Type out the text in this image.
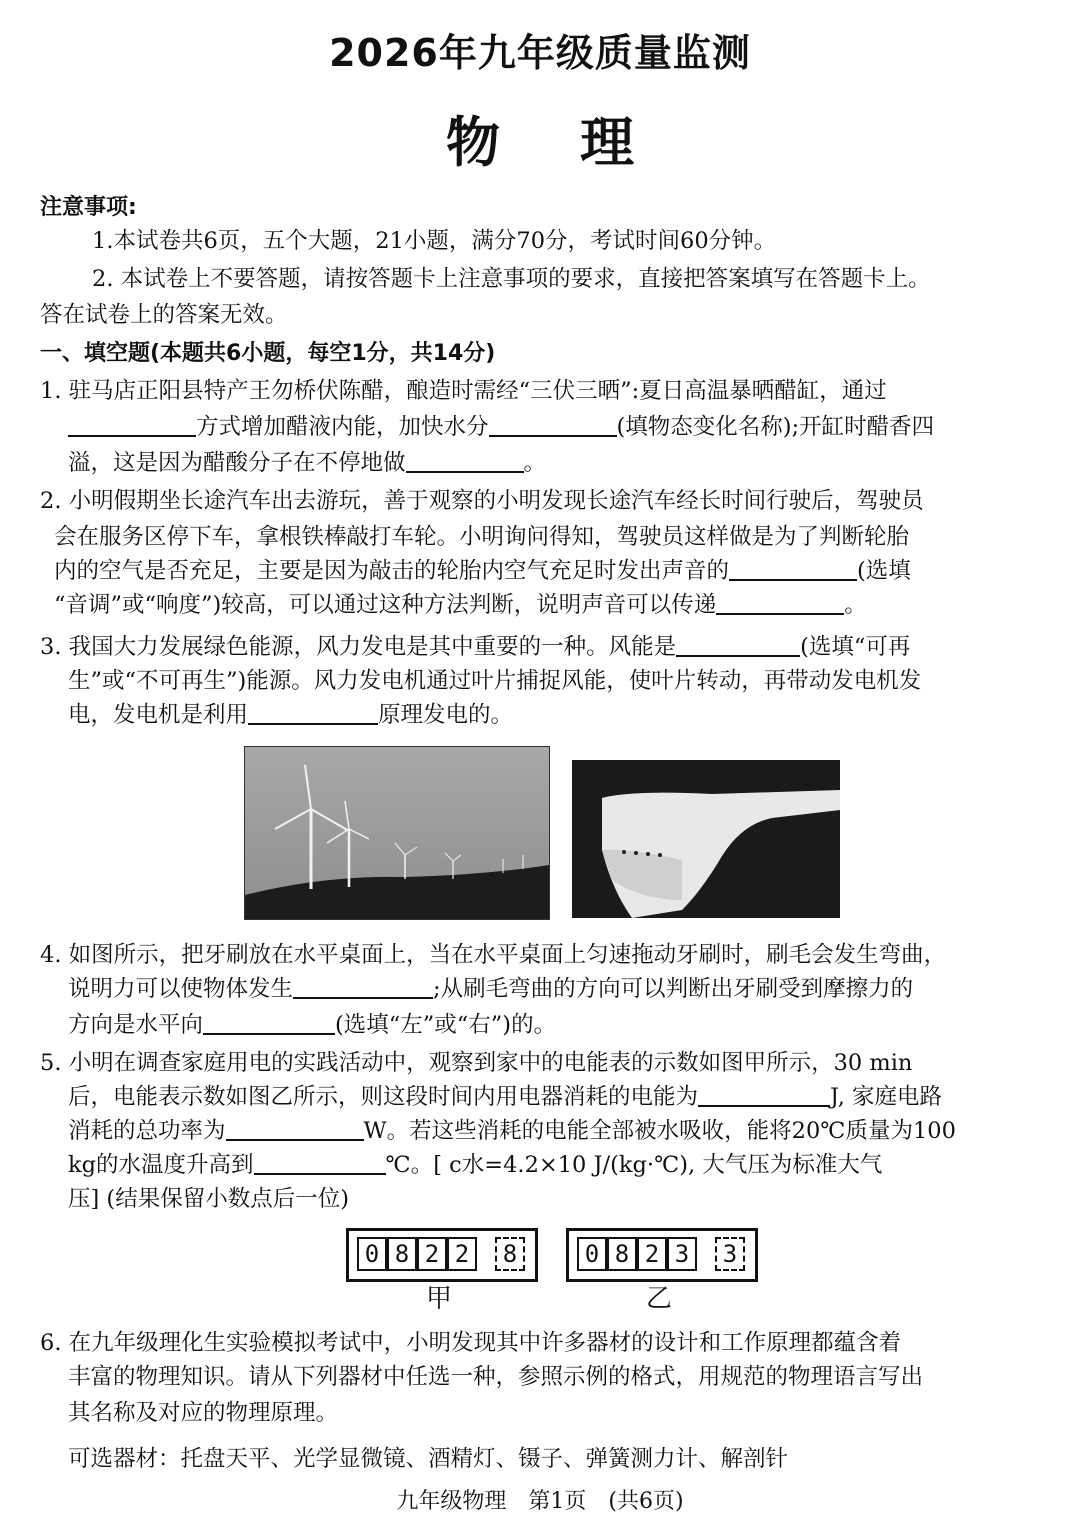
2026年九年级质量监测
物 理
注意事项:
1.本试卷共6页，五个大题，21小题，满分70分，考试时间60分钟。
2. 本试卷上不要答题，请按答题卡上注意事项的要求，直接把答案填写在答题卡上。
答在试卷上的答案无效。
一、填空题(本题共6小题，每空1分，共14分)
1. 驻马店正阳县特产王勿桥伏陈醋，酿造时需经“三伏三晒”:夏日高温暴晒醋缸，通过
方式增加醋液内能，加快水分	(填物态变化名称);开缸时醋香四
溢，这是因为醋酸分子在不停地做	。
2. 小明假期坐长途汽车出去游玩，善于观察的小明发现长途汽车经长时间行驶后，驾驶员
会在服务区停下车，拿根铁棒敲打车轮。小明询问得知，驾驶员这样做是为了判断轮胎
内的空气是否充足，主要是因为敲击的轮胎内空气充足时发出声音的	(选填
“音调”或“响度”)较高，可以通过这种方法判断，说明声音可以传递	。
3. 我国大力发展绿色能源，风力发电是其中重要的一种。风能是	(选填“可再
生”或“不可再生”)能源。风力发电机通过叶片捕捉风能，使叶片转动，再带动发电机发
电，发电机是利用	原理发电的。
4. 如图所示，把牙刷放在水平桌面上，当在水平桌面上匀速拖动牙刷时，刷毛会发生弯曲，
说明力可以使物体发生	;从刷毛弯曲的方向可以判断出牙刷受到摩擦力的
方向是水平向	(选填“左”或“右”)的。
5. 小明在调查家庭用电的实践活动中，观察到家中的电能表的示数如图甲所示，30 min
后，电能表示数如图乙所示，则这段时间内用电器消耗的电能为	J, 家庭电路
消耗的总功率为	W。若这些消耗的电能全部被水吸收，能将20℃质量为100
kg的水温度升高到	℃。[ c水=4.2×10 J/(kg·℃), 大气压为标准大气
压] (结果保留小数点后一位)
0 8 2 2	8
甲
0 8 2 3	3
乙
6. 在九年级理化生实验模拟考试中，小明发现其中许多器材的设计和工作原理都蕴含着
丰富的物理知识。请从下列器材中任选一种，参照示例的格式，用规范的物理语言写出
其名称及对应的物理原理。
可选器材：托盘天平、光学显微镜、酒精灯、镊子、弹簧测力计、解剖针
九年级物理　第1页　(共6页)
